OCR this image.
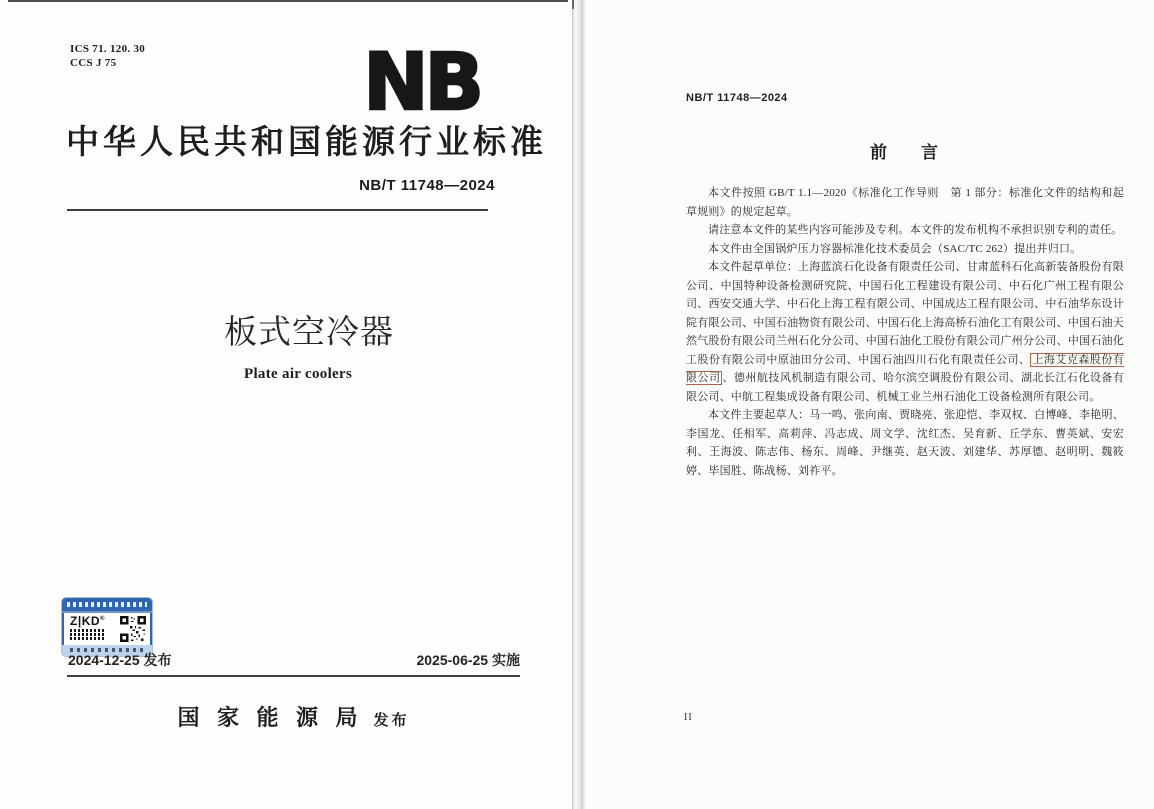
ICS 71. 120. 30
CCS J 75	NB
中华人民共和国能源行业标准
NB/T 11748—2024
板式空冷器
Plate air coolers
Z|KD®
2024-12-25 发布	2025-06-25 实施
国 家 能 源 局 发布
NB/T 11748—2024
前　　言

本文件按照 GB/T 1.1—2020《标准化工作导则　第 1 部分：标准化文件的结构和起草规则》的规定起草。

请注意本文件的某些内容可能涉及专利。本文件的发布机构不承担识别专利的责任。

本文件由全国锅炉压力容器标准化技术委员会（SAC/TC 262）提出并归口。

本文件起草单位：上海蓝滨石化设备有限责任公司、甘肃蓝科石化高新装备股份有限公司、中国特种设备检测研究院、中国石化工程建设有限公司、中石化广州工程有限公司、西安交通大学、中石化上海工程有限公司、中国成达工程有限公司、中石油华东设计院有限公司、中国石油物资有限公司、中国石化上海高桥石油化工有限公司、中国石油天然气股份有限公司兰州石化分公司、中国石油化工股份有限公司广州分公司、中国石油化工股份有限公司中原油田分公司、中国石油四川石化有限责任公司、 上海艾克森股份有限公司 、德州航技风机制造有限公司、哈尔滨空调股份有限公司、湖北长江石化设备有限公司、中航工程集成设备有限公司、机械工业兰州石油化工设备检测所有限公司。

本文件主要起草人：马一鸣、张向南、贾晓亮、张迎恺、李双权、白博峰、李艳明、李国龙、任相军、高莉萍、冯志成、周文学、沈红杰、吴育新、丘学东、曹英斌、安宏利、王海波、陈志伟、杨东、周峰、尹继英、赵天波、刘建华、苏厚德、赵明明、魏筱婷、毕国胜、陈战杨、刘祚平。

II
